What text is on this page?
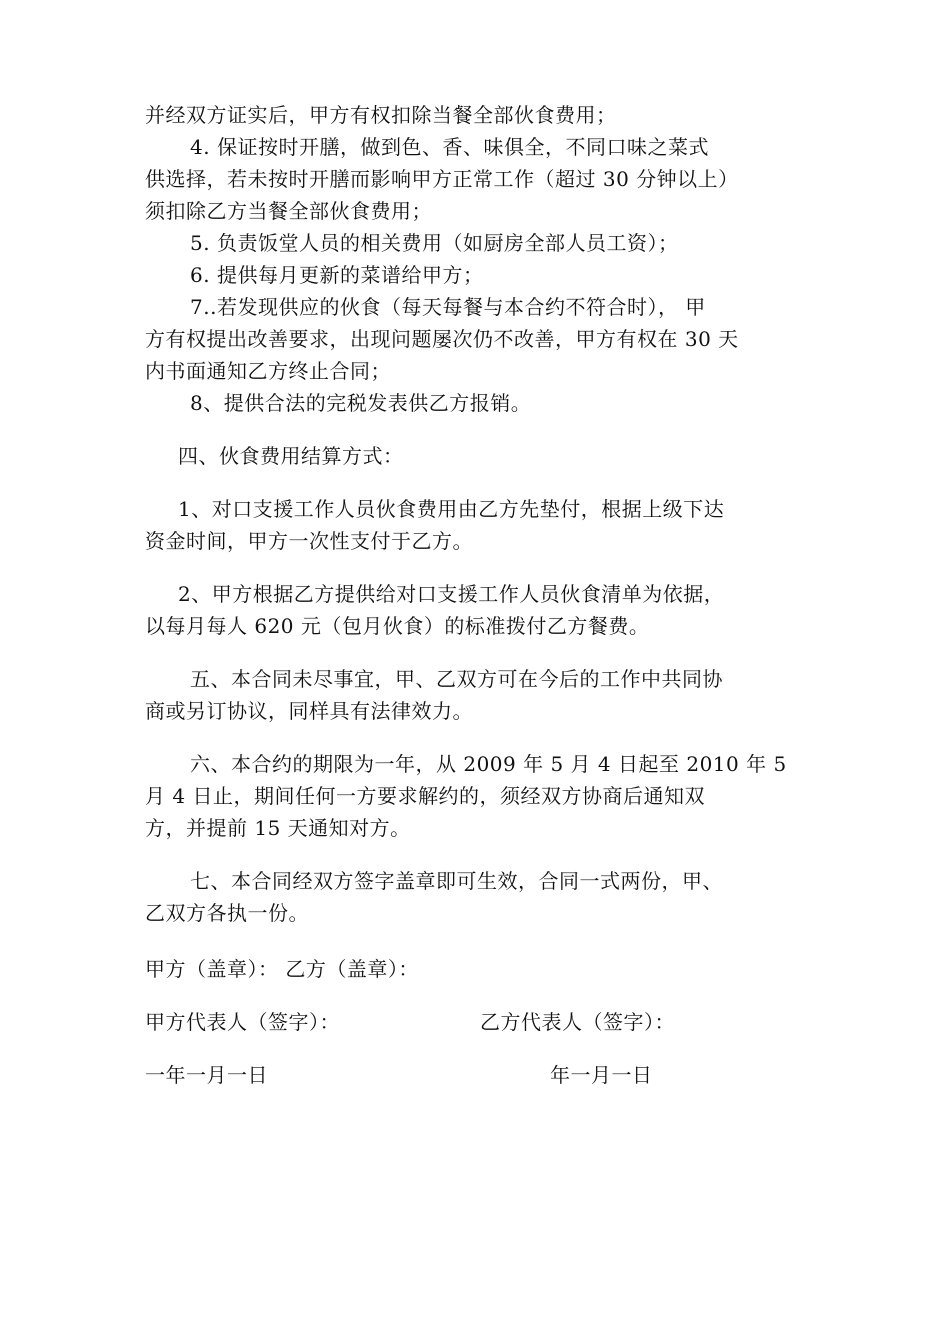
并经双方证实后，甲方有权扣除当餐全部伙食费用；
4. 保证按时开膳，做到色、香、味俱全，不同口味之菜式
供选择，若未按时开膳而影响甲方正常工作（超过 30 分钟以上）
须扣除乙方当餐全部伙食费用；
5. 负责饭堂人员的相关费用（如厨房全部人员工资）；
6. 提供每月更新的菜谱给甲方；
7..若发现供应的伙食（每天每餐与本合约不符合时）， 甲
方有权提出改善要求，出现问题屡次仍不改善，甲方有权在 30 天
内书面通知乙方终止合同；
8、提供合法的完税发表供乙方报销。
四、伙食费用结算方式：
1、对口支援工作人员伙食费用由乙方先垫付，根据上级下达
资金时间，甲方一次性支付于乙方。
2、甲方根据乙方提供给对口支援工作人员伙食清单为依据，
以每月每人 620 元（包月伙食）的标准拨付乙方餐费。
五、本合同未尽事宜，甲、乙双方可在今后的工作中共同协
商或另订协议，同样具有法律效力。
六、本合约的期限为一年，从 2009 年 5 月 4 日起至 2010 年 5
月 4 日止，期间任何一方要求解约的，须经双方协商后通知双
方，并提前 15 天通知对方。
七、本合同经双方签字盖章即可生效，合同一式两份，甲、
乙双方各执一份。
甲方（盖章）： 乙方（盖章）：
甲方代表人（签字）：	乙方代表人（签字）：
一年一月一日	年一月一日
